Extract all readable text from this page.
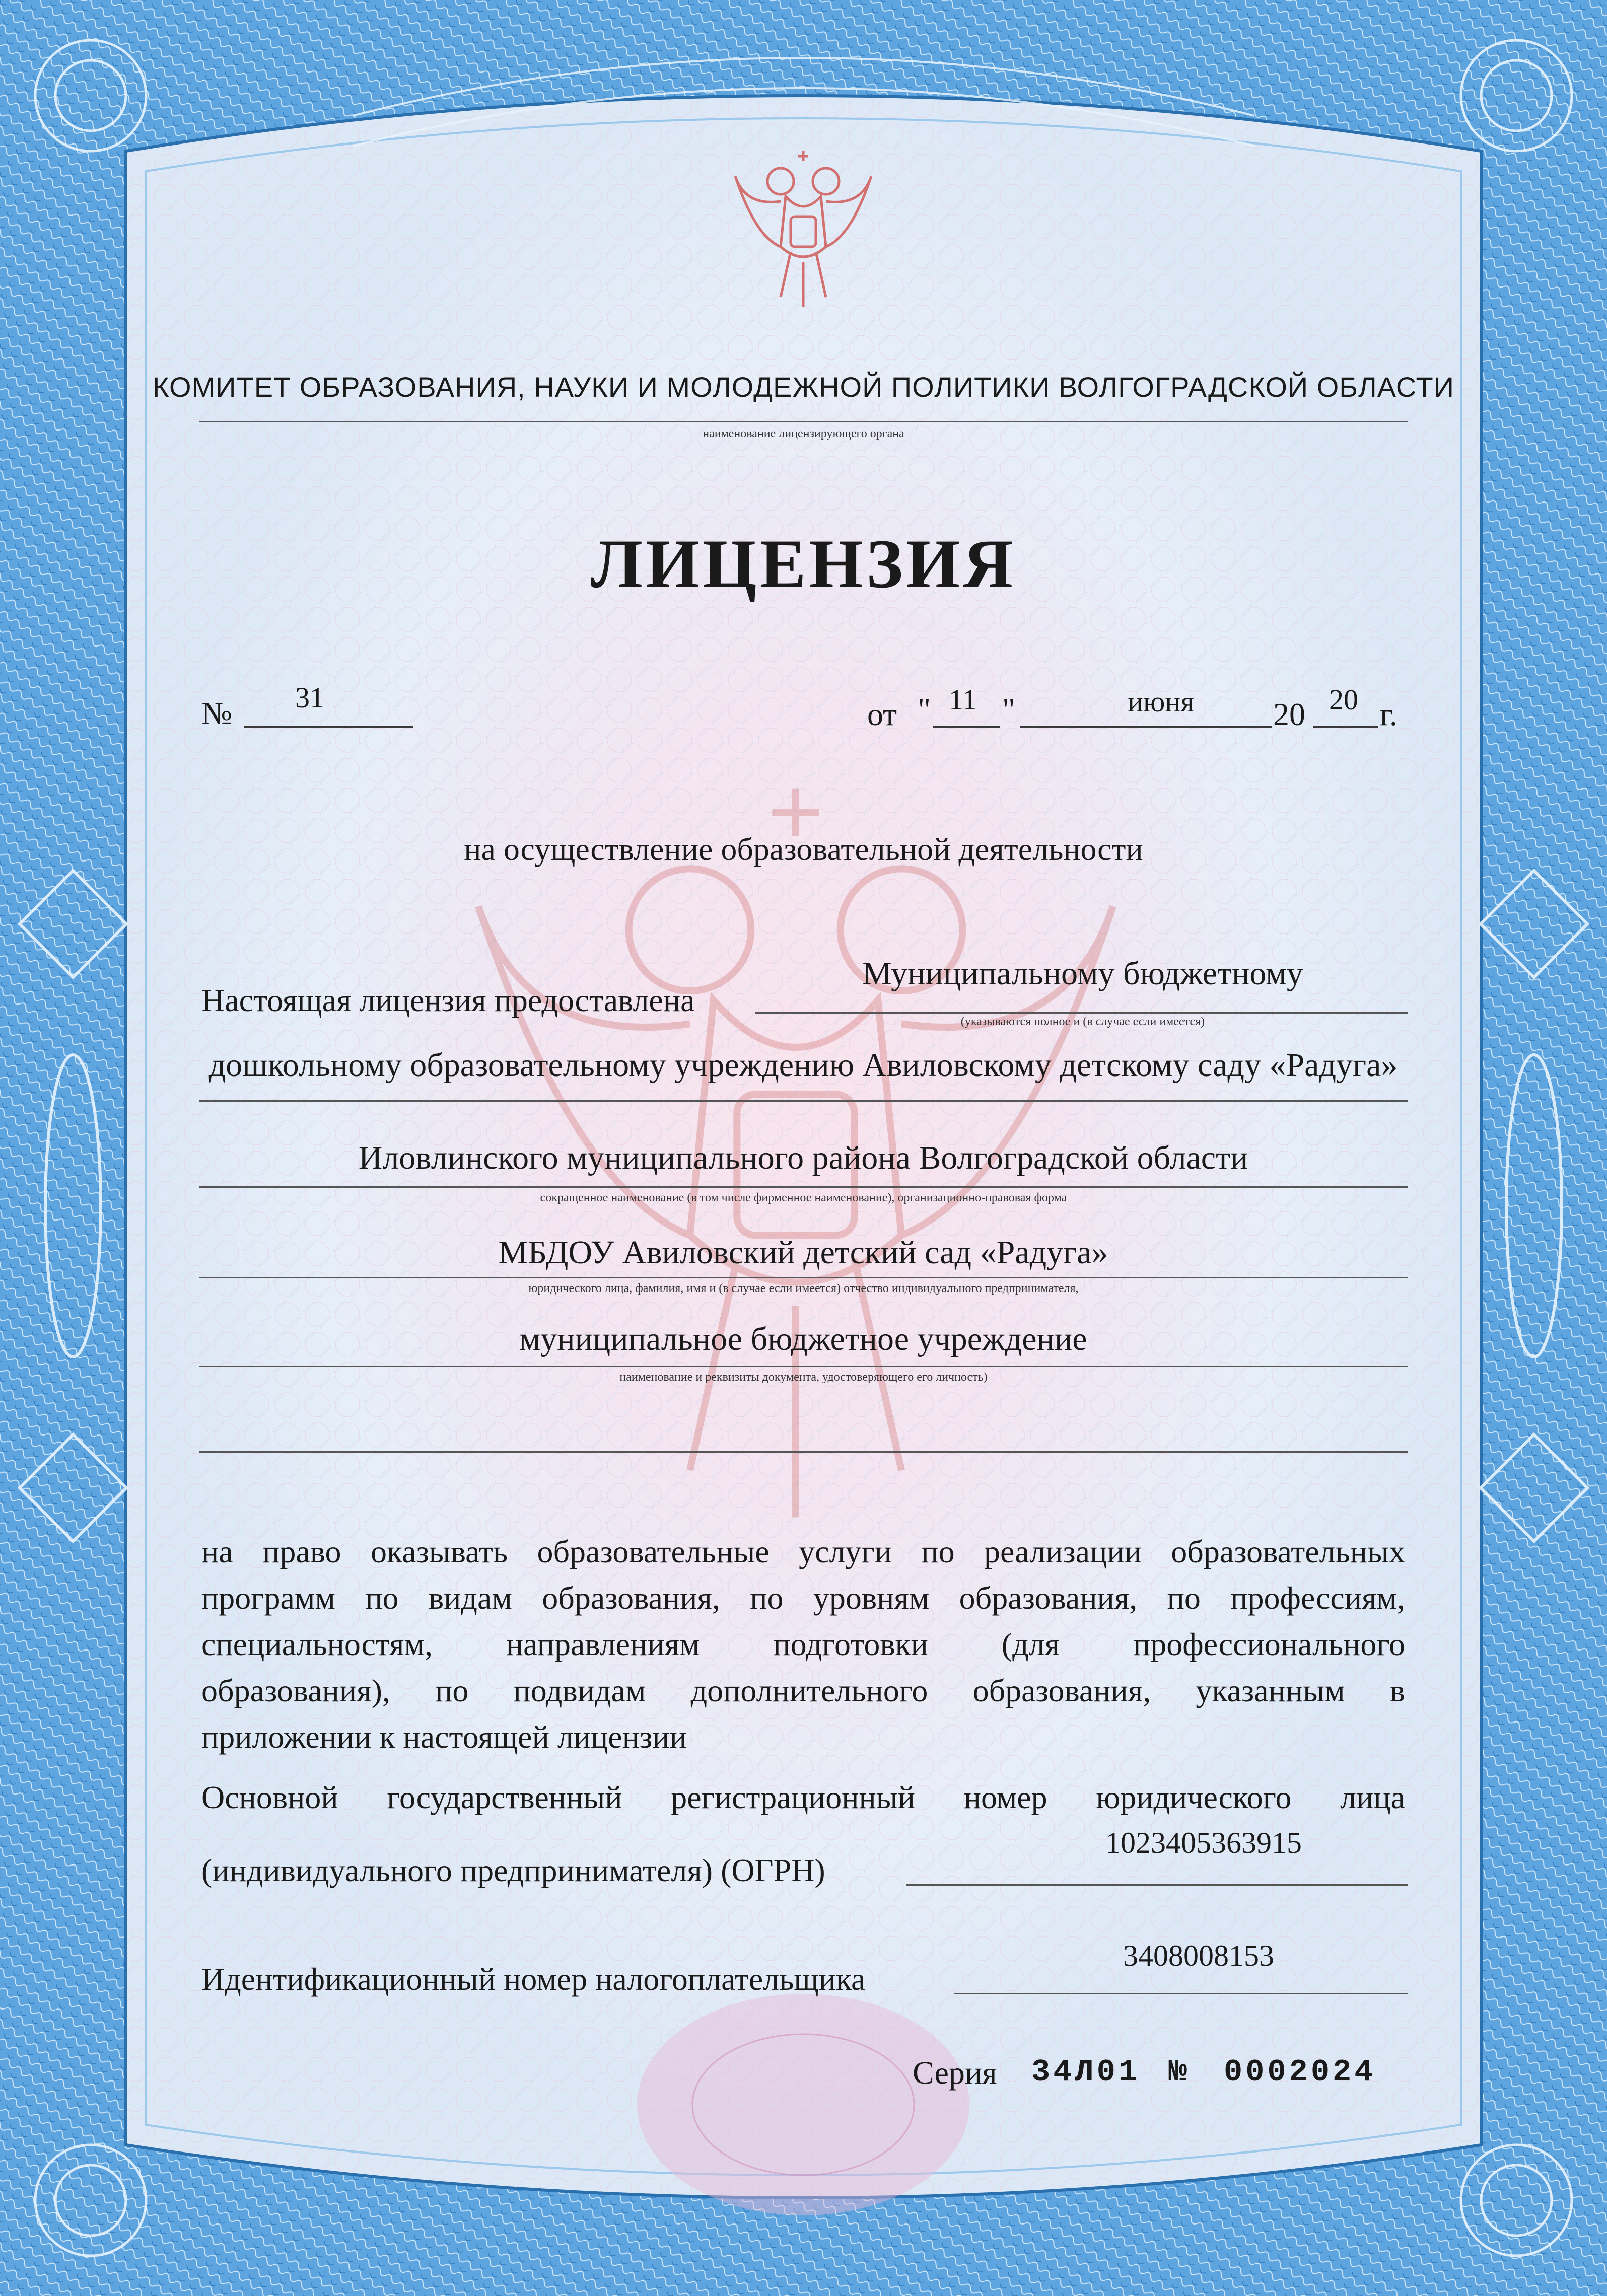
КОМИТЕТ ОБРАЗОВАНИЯ, НАУКИ И МОЛОДЕЖНОЙ ПОЛИТИКИ ВОЛГОГРАДСКОЙ ОБЛАСТИ
наименование лицензирующего органа
ЛИЦЕНЗИЯ
№	31	от " 11 "	июня	20 20 г.
на осуществление образовательной деятельности
Настоящая лицензия предоставлена
Муниципальному бюджетному
(указываются полное и (в случае если имеется)
дошкольному образовательному учреждению Авиловскому детскому саду «Радуга»
Иловлинского муниципального района Волгоградской области
сокращенное наименование (в том числе фирменное наименование), организационно-правовая форма
МБДОУ Авиловский детский сад «Радуга»
юридического лица, фамилия, имя и (в случае если имеется) отчество индивидуального предпринимателя,
муниципальное бюджетное учреждение
наименование и реквизиты документа, удостоверяющего его личность)
на право оказывать образовательные услуги по реализации образовательных
программ по видам образования, по уровням образования, по профессиям,
специальностям, направлениям подготовки (для профессионального
образования), по подвидам дополнительного образования, указанным в
приложении к настоящей лицензии
Основной государственный регистрационный номер юридического лица
(индивидуального предпринимателя) (ОГРН)
1023405363915
Идентификационный номер налогоплательщика
3408008153
Серия 34Л01 № 0002024
